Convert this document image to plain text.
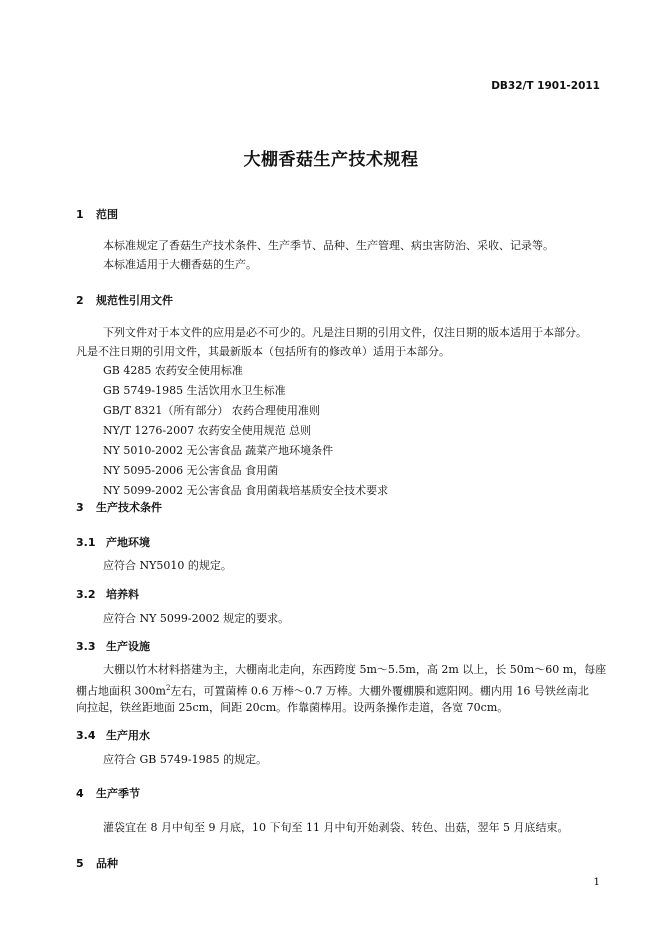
DB32/T 1901-2011
大棚香菇生产技术规程
1 范围
本标准规定了香菇生产技术条件、生产季节、品种、生产管理、病虫害防治、采收、记录等。
本标准适用于大棚香菇的生产。
2 规范性引用文件
下列文件对于本文件的应用是必不可少的。凡是注日期的引用文件，仅注日期的版本适用于本部分。
凡是不注日期的引用文件，其最新版本（包括所有的修改单）适用于本部分。
GB 4285 农药安全使用标准
GB 5749-1985 生活饮用水卫生标准
GB/T 8321（所有部分） 农药合理使用准则
NY/T 1276-2007 农药安全使用规范 总则
NY 5010-2002 无公害食品 蔬菜产地环境条件
NY 5095-2006 无公害食品 食用菌
NY 5099-2002 无公害食品 食用菌栽培基质安全技术要求
3 生产技术条件
3.1 产地环境
应符合 NY5010 的规定。
3.2 培养料
应符合 NY 5099-2002 规定的要求。
3.3 生产设施
大棚以竹木材料搭建为主，大棚南北走向，东西跨度 5m～5.5m，高 2m 以上，长 50m～60 m，每座
棚占地面积 $300m^2$左右，可置菌棒 0.6 万棒～0.7 万棒。大棚外覆棚膜和遮阳网。棚内用 16 号铁丝南北
向拉起，铁丝距地面 25cm，间距 20cm。作靠菌棒用。设两条操作走道，各宽 70cm。
3.4 生产用水
应符合 GB 5749-1985 的规定。
4 生产季节
灌袋宜在 8 月中旬至 9 月底，10 下旬至 11 月中旬开始剥袋、转色、出菇，翌年 5 月底结束。
5 品种
1
